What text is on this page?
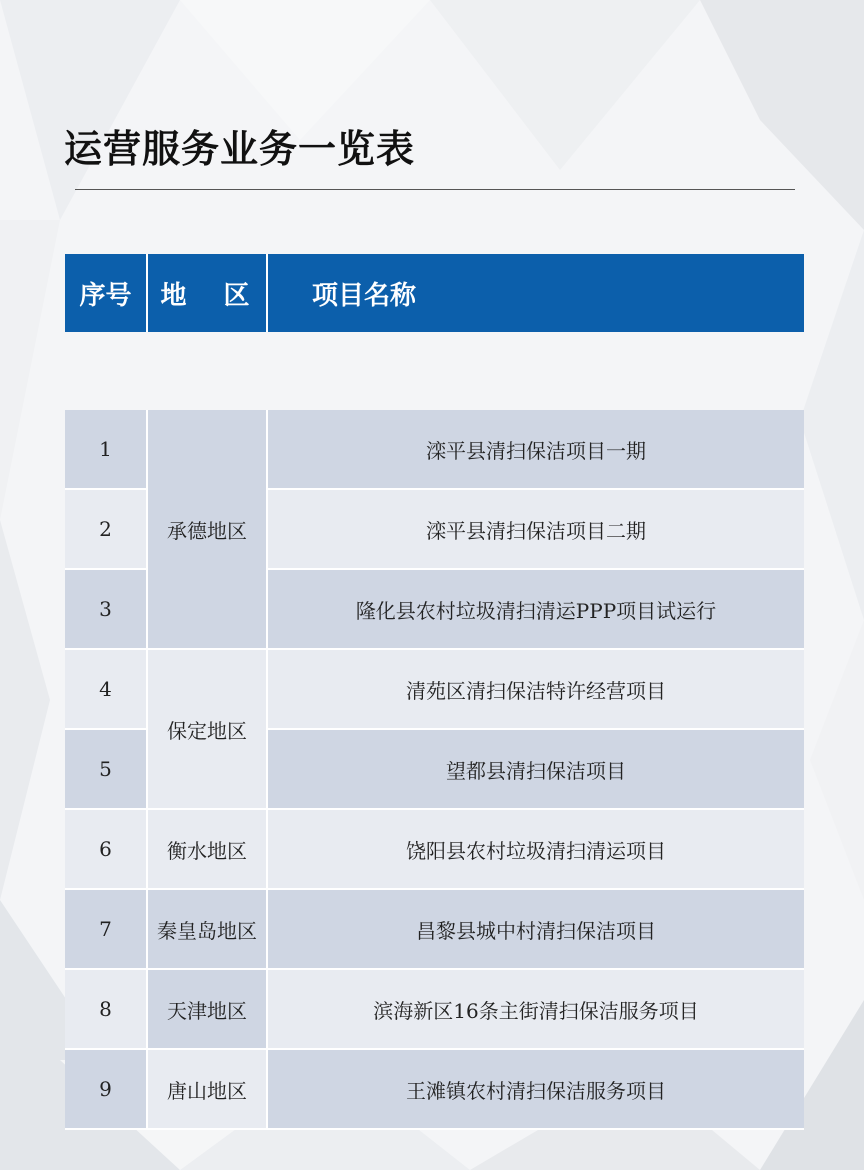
运营服务业务一览表
序号	地 区	项目名称

1	承德地区	滦平县清扫保洁项目一期
2		滦平县清扫保洁项目二期
3		隆化县农村垃圾清扫清运PPP项目试运行
4	保定地区	清苑区清扫保洁特许经营项目
5		望都县清扫保洁项目
6	衡水地区	饶阳县农村垃圾清扫清运项目
7	秦皇岛地区	昌黎县城中村清扫保洁项目
8	天津地区	滨海新区16条主街清扫保洁服务项目
9	唐山地区	王滩镇农村清扫保洁服务项目
